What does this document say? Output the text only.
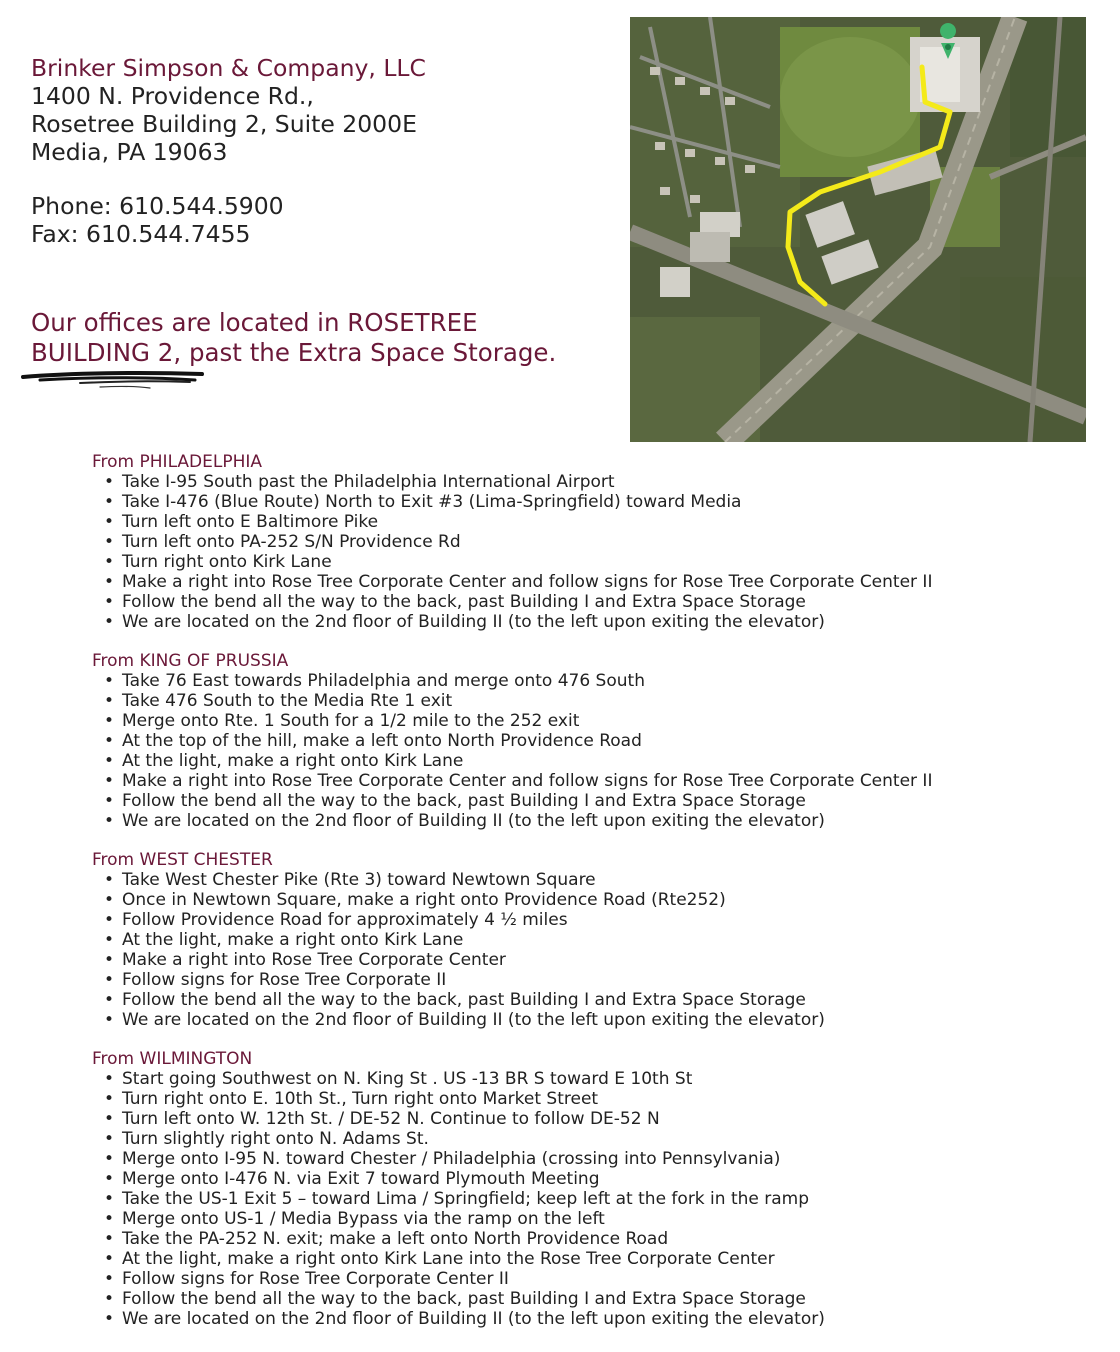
Brinker Simpson & Company, LLC
1400 N. Providence Rd.,
Rosetree Building 2, Suite 2000E
Media, PA 19063
Phone: 610.544.5900
Fax: 610.544.7455
Our offices are located in ROSETREE
BUILDING 2, past the Extra Space Storage.
From PHILADELPHIA
• Take I-95 South past the Philadelphia International Airport
• Take I-476 (Blue Route) North to Exit #3 (Lima-Springfield) toward Media
• Turn left onto E Baltimore Pike
• Turn left onto PA-252 S/N Providence Rd
• Turn right onto Kirk Lane
• Make a right into Rose Tree Corporate Center and follow signs for Rose Tree Corporate Center II
• Follow the bend all the way to the back, past Building I and Extra Space Storage
• We are located on the 2nd floor of Building II (to the left upon exiting the elevator)
From KING OF PRUSSIA
• Take 76 East towards Philadelphia and merge onto 476 South
• Take 476 South to the Media Rte 1 exit
• Merge onto Rte. 1 South for a 1/2 mile to the 252 exit
• At the top of the hill, make a left onto North Providence Road
• At the light, make a right onto Kirk Lane
• Make a right into Rose Tree Corporate Center and follow signs for Rose Tree Corporate Center II
• Follow the bend all the way to the back, past Building I and Extra Space Storage
• We are located on the 2nd floor of Building II (to the left upon exiting the elevator)
From WEST CHESTER
• Take West Chester Pike (Rte 3) toward Newtown Square
• Once in Newtown Square, make a right onto Providence Road (Rte252)
• Follow Providence Road for approximately 4 ½ miles
• At the light, make a right onto Kirk Lane
• Make a right into Rose Tree Corporate Center
• Follow signs for Rose Tree Corporate II
• Follow the bend all the way to the back, past Building I and Extra Space Storage
• We are located on the 2nd floor of Building II (to the left upon exiting the elevator)
From WILMINGTON
• Start going Southwest on N. King St . US -13 BR S toward E 10th St
• Turn right onto E. 10th St., Turn right onto Market Street
• Turn left onto W. 12th St. / DE-52 N. Continue to follow DE-52 N
• Turn slightly right onto N. Adams St.
• Merge onto I-95 N. toward Chester / Philadelphia (crossing into Pennsylvania)
• Merge onto I-476 N. via Exit 7 toward Plymouth Meeting
• Take the US-1 Exit 5 – toward Lima / Springfield; keep left at the fork in the ramp
• Merge onto US-1 / Media Bypass via the ramp on the left
• Take the PA-252 N. exit; make a left onto North Providence Road
• At the light, make a right onto Kirk Lane into the Rose Tree Corporate Center
• Follow signs for Rose Tree Corporate Center II
• Follow the bend all the way to the back, past Building I and Extra Space Storage
• We are located on the 2nd floor of Building II (to the left upon exiting the elevator)
